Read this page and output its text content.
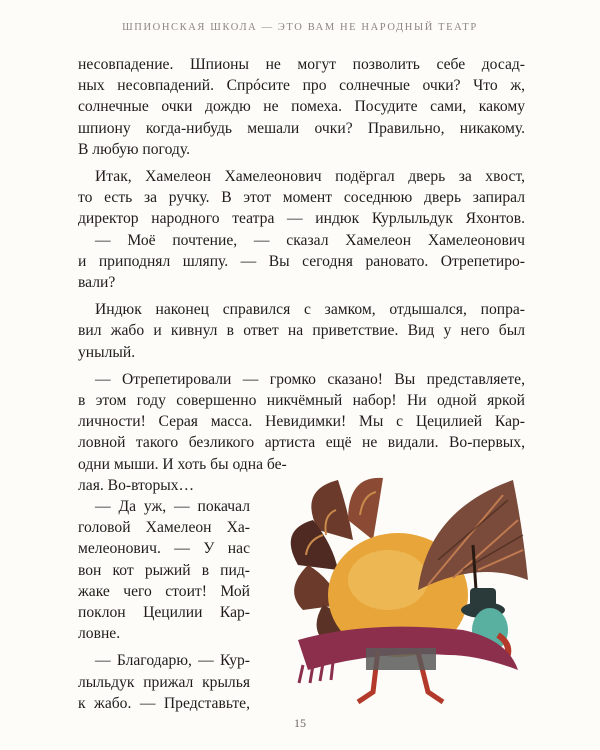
ШПИОНСКАЯ ШКОЛА — ЭТО ВАМ НЕ НАРОДНЫЙ ТЕАТР
несовпадение. Шпионы не могут позволить себе досад-
ных несовпадений. Спрóсите про солнечные очки? Что ж,
солнечные очки дождю не помеха. Посудите сами, какому
шпиону когда-нибудь мешали очки? Правильно, никакому.
В любую погоду.
Итак, Хамелеон Хамелеонович подёргал дверь за хвост,
то есть за ручку. В этот момент соседнюю дверь запирал
директор народного театра — индюк Курлыльдук Яхонтов.
— Моё почтение, — сказал Хамелеон Хамелеонович
и приподнял шляпу. — Вы сегодня рановато. Отрепетиро-
вали?
Индюк наконец справился с замком, отдышался, попра-
вил жабо и кивнул в ответ на приветствие. Вид у него был
унылый.
— Отрепетировали — громко сказано! Вы представляете,
в этом году совершенно никчёмный набор! Ни одной яркой
личности! Серая масса. Невидимки! Мы с Цецилией Кар-
ловной такого безликого артиста ещё не видали. Во-первых,
одни мыши. И хоть бы одна бе-
лая. Во-вторых…
— Да уж, — покачал
головой Хамелеон Ха-
мелеонович. — У нас
вон кот рыжий в пид-
жаке чего стоит! Мой
поклон Цецилии Кар-
ловне.
— Благодарю, — Кур-
лыльдук прижал крылья
к жабо. — Представьте,
15
